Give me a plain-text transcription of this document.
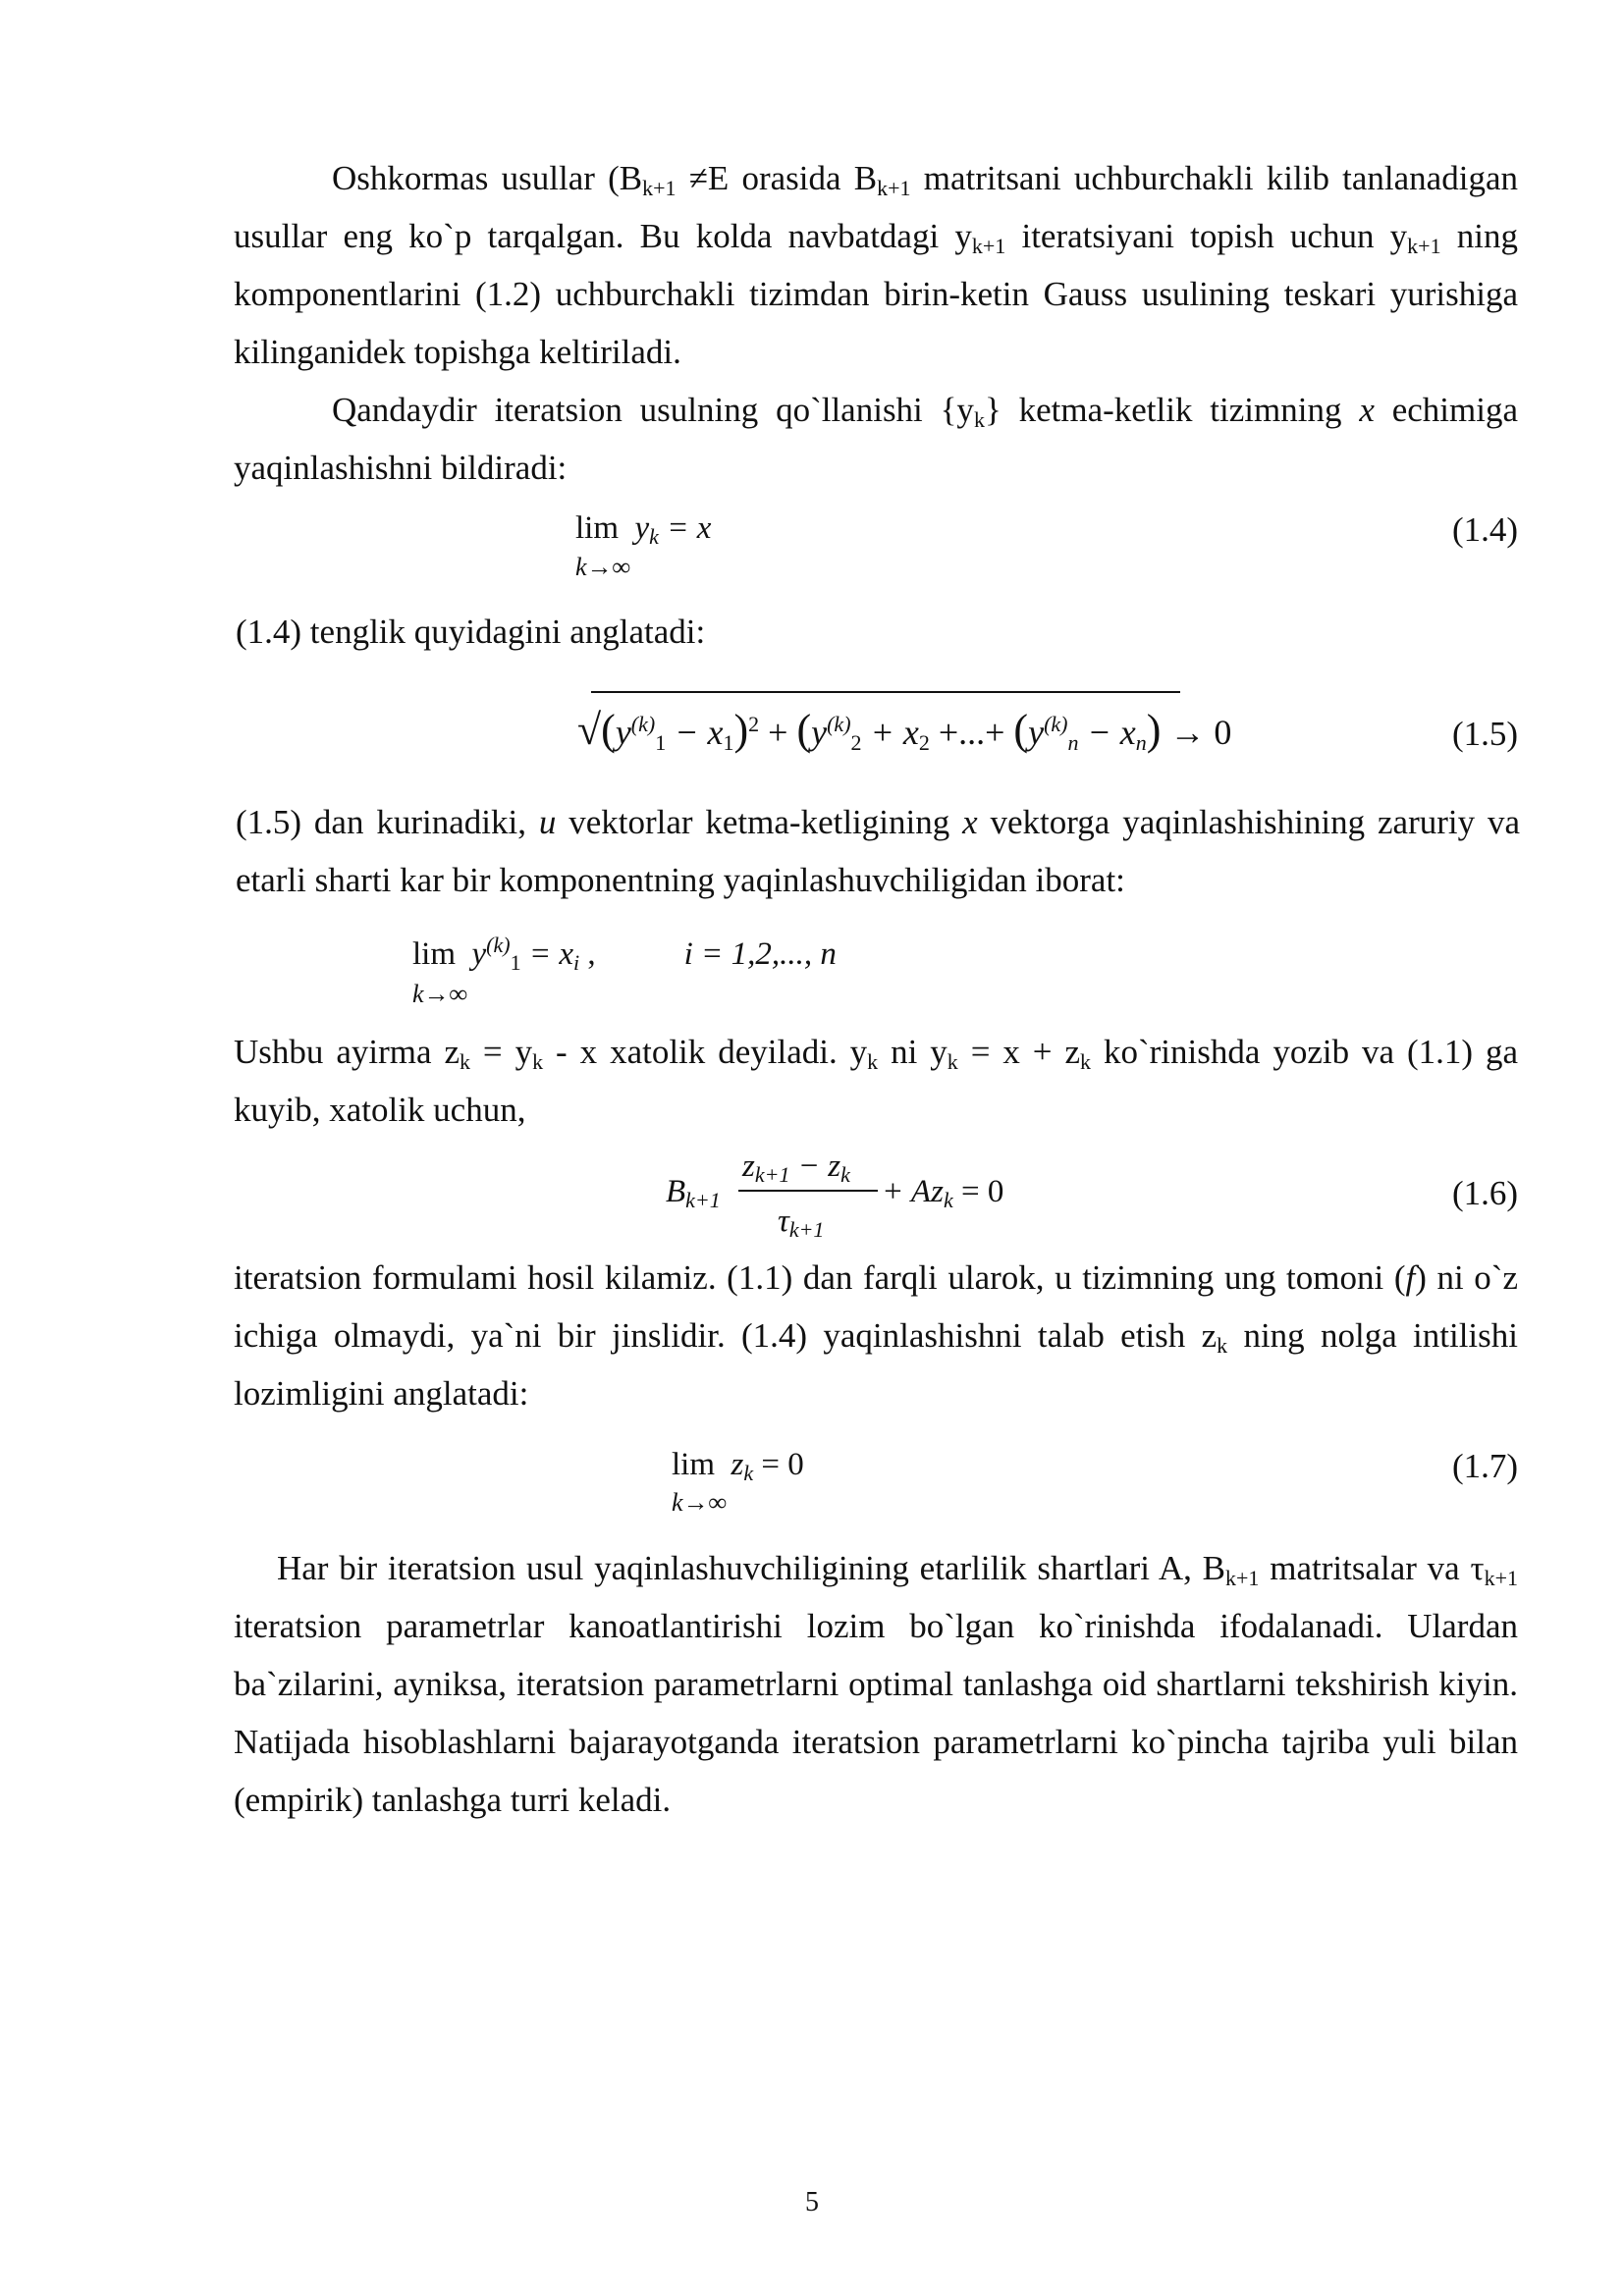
Oshkormas usullar ($B_{k+1} \ne E$ orasida $B_{k+1}$ matritsani uchburchakli kilib tanlanadigan usullar eng ko`p tarqalgan. Bu kolda navbatdagi $y_{k+1}$ iteratsiyani topish uchun $y_{k+1}$ ning komponentlarini (1.2) uchburchakli tizimdan birin-ketin Gauss usulining teskari yurishiga kilinganidek topishga keltiriladi.

Qandaydir iteratsion usulning qo`llanishi $\{y_k\}$ ketma-ketlik tizimning x echimiga yaqinlashishni bildiradi:

$\lim y_k = x$
k→∞
(1.4)

(1.4) tenglik quyidagini anglatadi:

$√(y^{(k)}_1 - x_1)^2 + (y^{(k)}_2 + x_2$ +...+ $(y^{(k)}_n - x_n) \to 0$	(1.5)

(1.5) dan kurinadiki, u vektorlar ketma-ketligining x vektorga yaqinlashishining zaruriy va etarli sharti kar bir komponentning yaqinlashuvchiligidan iborat:

$\lim y^{(k)}_1 = x_i$ ,	i = 1,2,..., n
k→∞

Ushbu ayirma $z_k = y_k - x$ xatolik deyiladi. $y_k$ ni $y_k = x + z_k$ ko`rinishda yozib va (1.1) ga kuyib, xatolik uchun,

$B_{k+1}$
$z_{k+1} - z_k$
$\tau_{k+1}$
+ $Az_k = 0$	(1.6)

iteratsion formulami hosil kilamiz. (1.1) dan farqli ularok, u tizimning ung tomoni (f) ni o`z ichiga olmaydi, ya`ni bir jinslidir. (1.4) yaqinlashishni talab etish $z_k$ ning nolga intilishi lozimligini anglatadi:

$\lim z_k = 0$
k→∞
(1.7)

Har bir iteratsion usul yaqinlashuvchiligining etarlilik shartlari A, $B_{k+1}$ matritsalar va $\tau_{k+1}$ iteratsion parametrlar kanoatlantirishi lozim bo`lgan ko`rinishda ifodalanadi. Ulardan ba`zilarini, ayniksa, iteratsion parametrlarni optimal tanlashga oid shartlarni tekshirish kiyin. Natijada hisoblashlarni bajarayotganda iteratsion parametrlarni ko`pincha tajriba yuli bilan (empirik) tanlashga turri keladi.

5
